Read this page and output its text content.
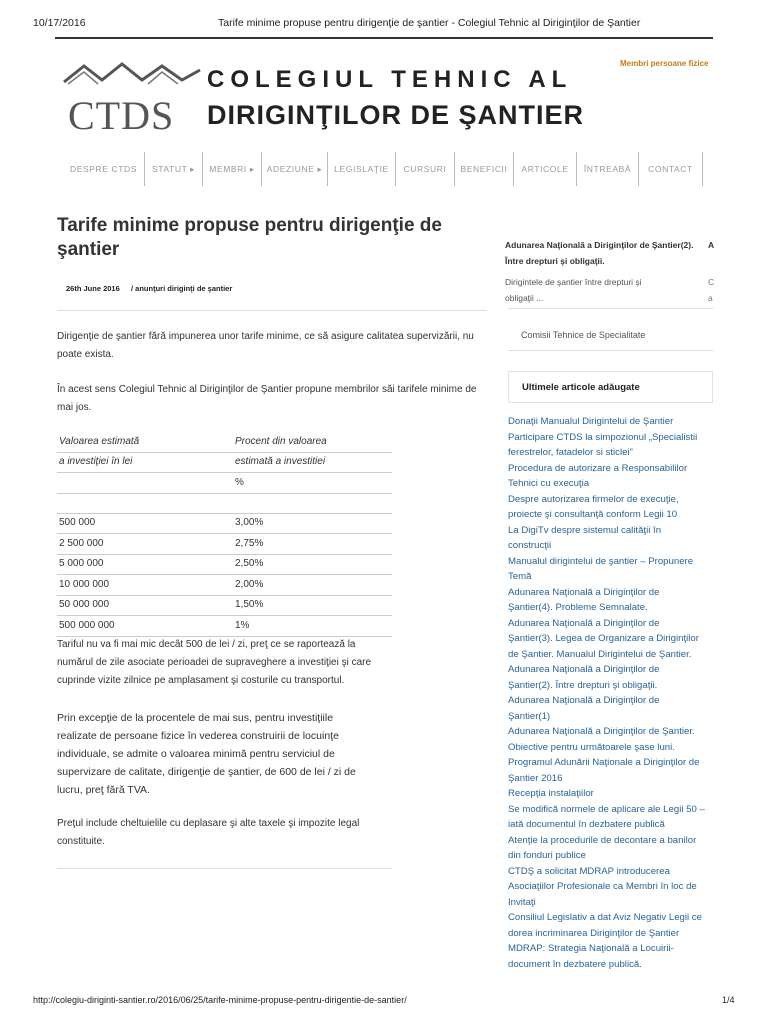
10/17/2016	Tarife minime propuse pentru dirigenţie de şantier - Colegiul Tehnic al Diriginţilor de Şantier
CTDS
COLEGIUL TEHNIC AL
DIRIGINŢILOR DE ŞANTIER
Membri persoane fizice
DESPRE CTDS	STATUT ▸	MEMBRI ▸	ADEZIUNE ▸	LEGISLAŢIE	CURSURI	BENEFICII	ARTICOLE	ÎNTREABĂ	CONTACT
Tarife minime propuse pentru dirigenţie de şantier
26th June 2016 / anunţuri diriginţi de şantier
Dirigenţie de şantier fără impunerea unor tarife minime, ce să asigure calitatea supervizării, nu poate exista.
În acest sens Colegiul Tehnic al Diriginţilor de Şantier propune membrilor săi tarifele minime de mai jos.
Valoarea estimată	Procent din valoarea
a investiţiei în lei	estimată a investitiei
%
500 000	3,00%
2 500 000	2,75%
5 000 000	2,50%
10 000 000	2,00%
50 000 000	1,50%
500 000 000	1%
Tariful nu va fi mai mic decât 500 de lei / zi, preţ ce se raportează la numărul de zile asociate perioadei de supraveghere a investiţiei şi care cuprinde vizite zilnice pe amplasament şi costurile cu transportul.
Prin excepţie de la procentele de mai sus, pentru investiţiile realizate de persoane fizice în vederea construirii de locuinţe individuale, se admite o valoarea minimă pentru serviciul de supervizare de calitate, dirigenţie de şantier, de 600 de lei / zi de lucru, preţ fără TVA.
Preţul include cheltuielile cu deplasare şi alte taxele şi impozite legal constituite.
Adunarea Naţională a Diriginţilor de Şantier(2).
Între drepturi şi obligaţii.
Dirigintele de şantier între drepturi şi
obligaţii ...
A
C
a
Comisii Tehnice de Specialitate
Ultimele articole adăugate
Donaţii Manualul Dirigintelui de Şantier
Participare CTDS la simpozionul „Specialistii
ferestrelor, fatadelor si sticlei”
Procedura de autorizare a Responsabililor
Tehnici cu execuţia
Despre autorizarea firmelor de execuţie,
proiecte şi consultanţă conform Legii 10
La DigiTv despre sistemul calităţii în
construcţii
Manualul dirigintelui de şantier – Propunere
Temă
Adunarea Naţională a Diriginţilor de
Şantier(4). Probleme Semnalate.
Adunarea Naţională a Diriginţilor de
Şantier(3). Legea de Organizare a Diriginţilor
de Şantier. Manualul Dirigintelui de Şantier.
Adunarea Naţională a Diriginţilor de
Şantier(2). Între drepturi şi obligaţii.
Adunarea Naţională a Diriginţilor de
Şantier(1)
Adunarea Naţională a Diriginţilor de Şantier.
Obiective pentru următoarele şase luni.
Programul Adunării Naţionale a Diriginţilor de
Şantier 2016
Recepţia instalaţiilor
Se modifică normele de aplicare ale Legii 50 –
iată documentul în dezbatere publică
Atenţie la procedurile de decontare a banilor
din fonduri publice
CTDŞ a solicitat MDRAP introducerea
Asociaţiilor Profesionale ca Membri în loc de
Invitaţi
Consiliul Legislativ a dat Aviz Negativ Legii ce
dorea incriminarea Diriginţilor de Şantier
MDRAP: Strategia Naţională a Locuirii-
document în dezbatere publică.
http://colegiu-diriginti-santier.ro/2016/06/25/tarife-minime-propuse-pentru-dirigentie-de-santier/	1/4
